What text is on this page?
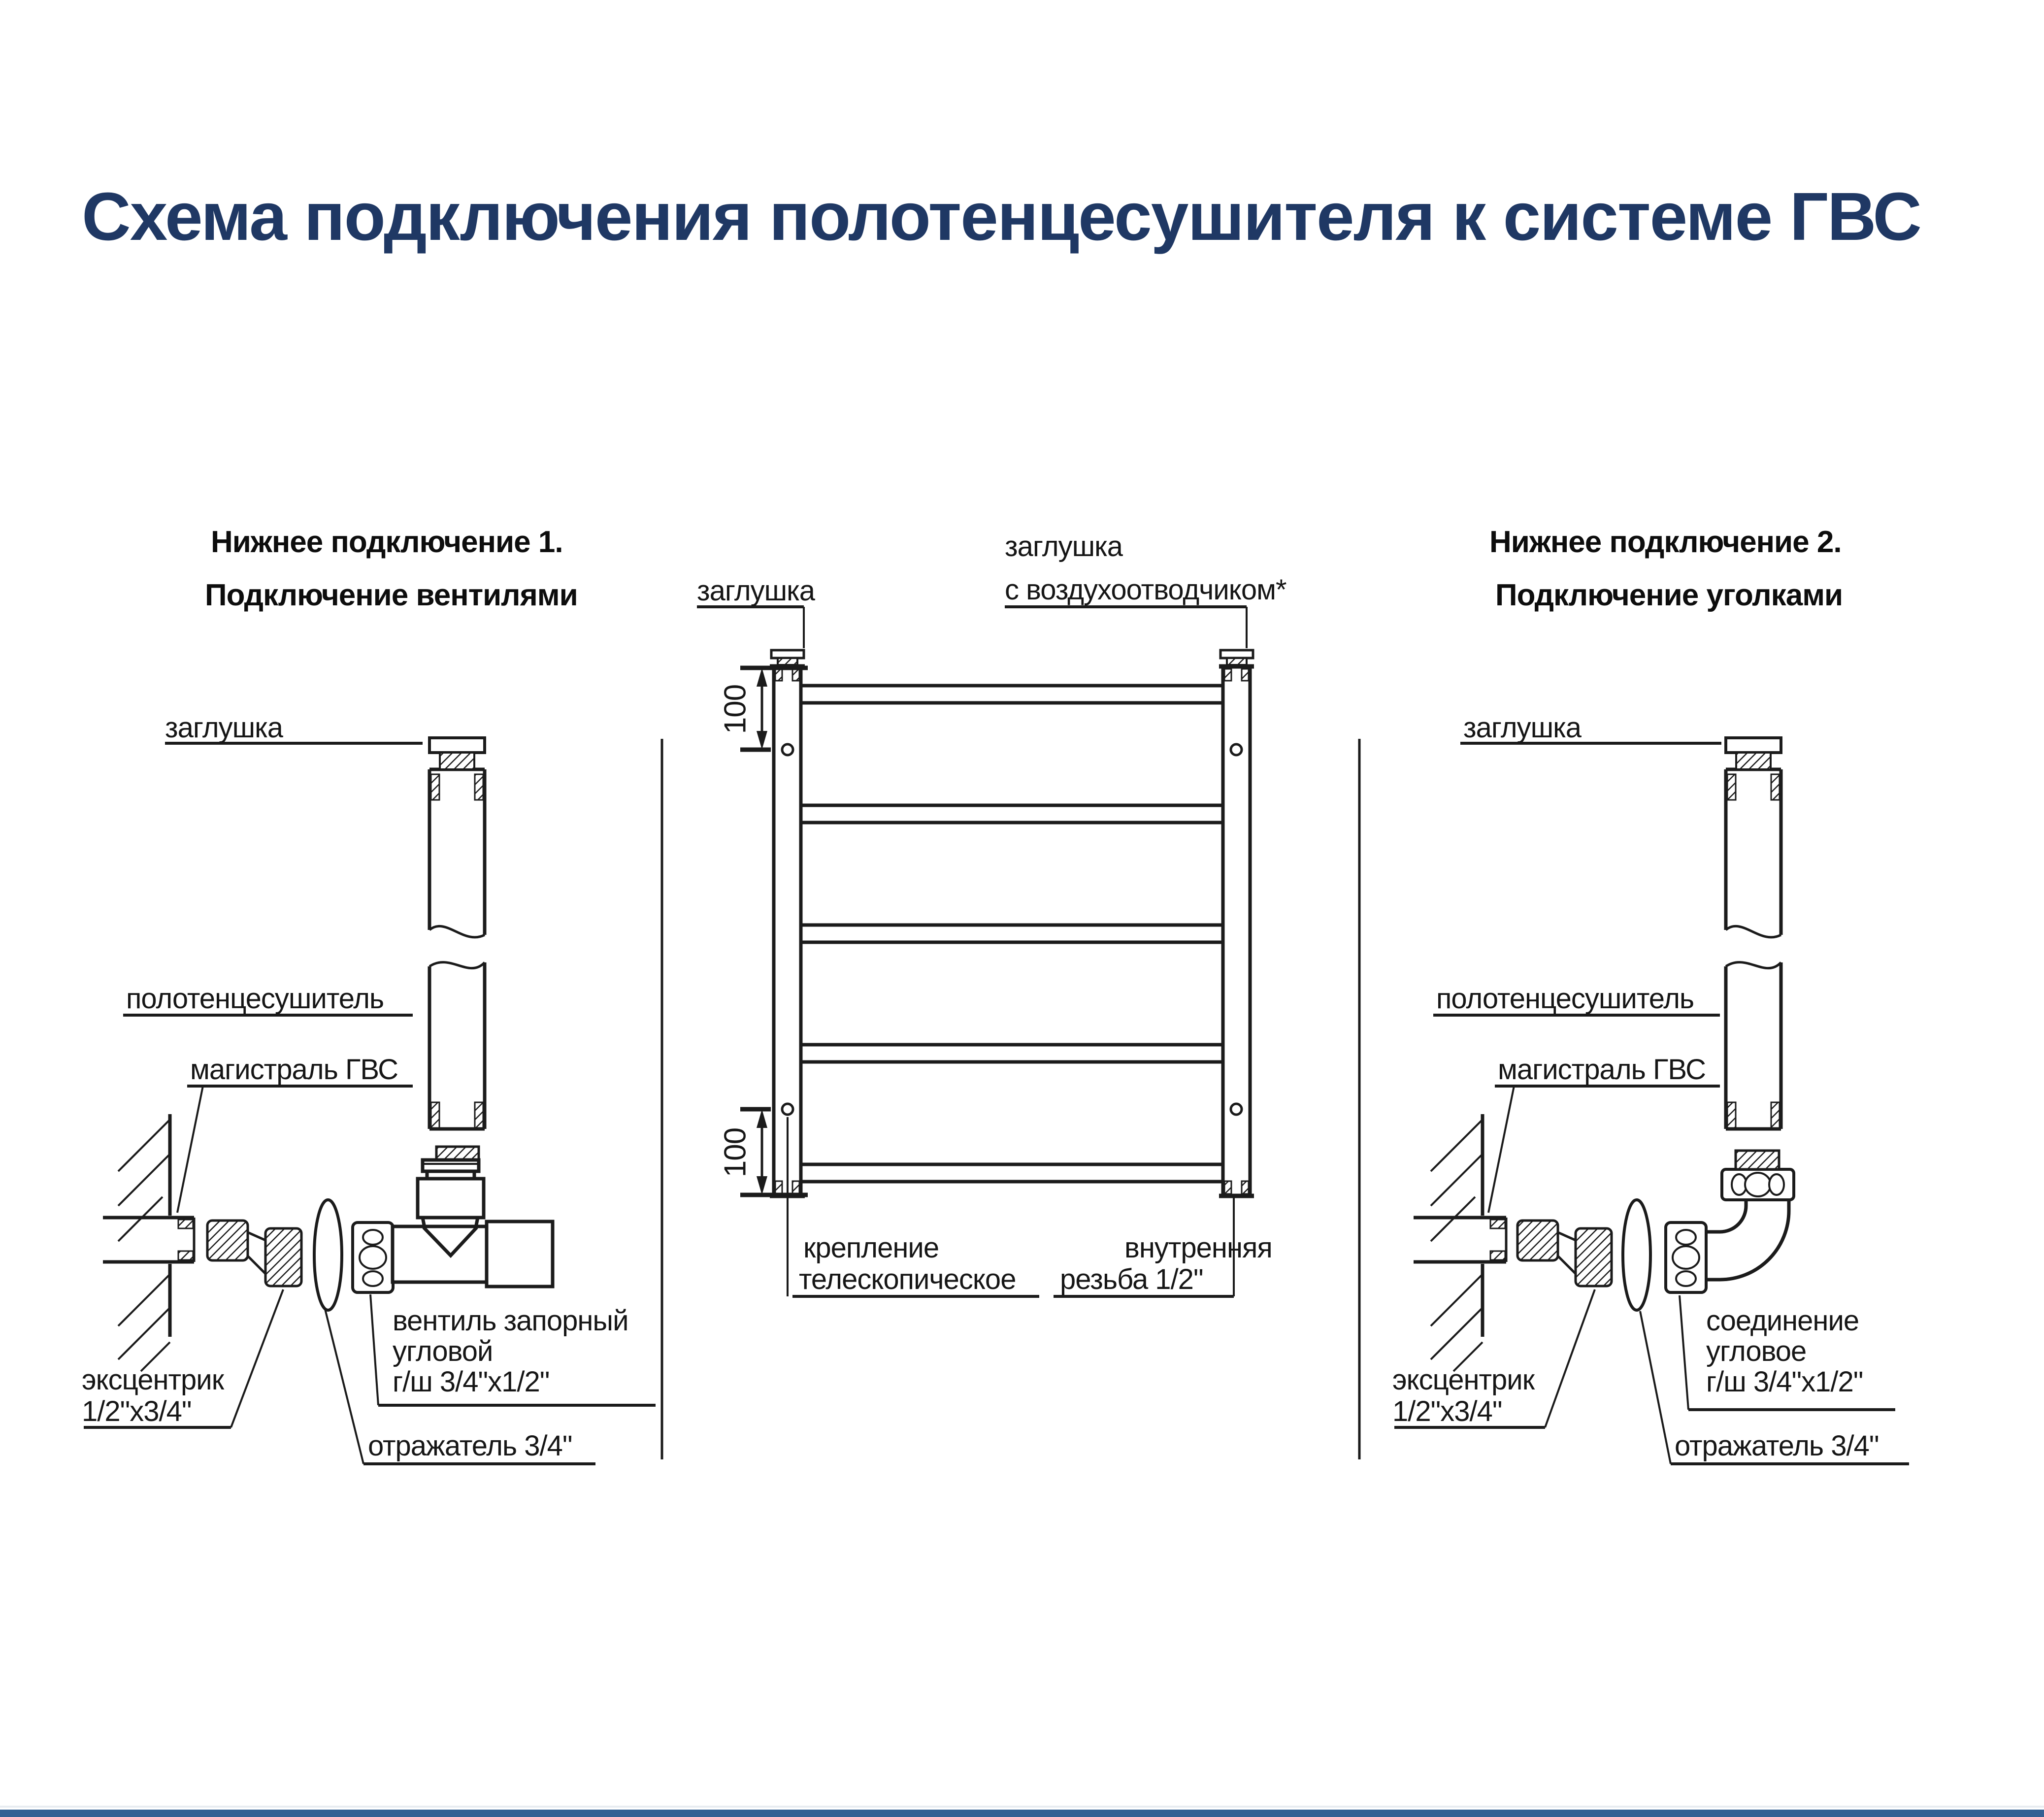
Схема подключения полотенцесушителя к системе ГВС
Нижнее подключение 1.
Подключение вентилями
Нижнее подключение 2.
Подключение уголками
заглушка
заглушка
с воздухоотводчиком*
крепление
телескопическое
внутренняя
резьба 1/2"
100
100
заглушка
полотенцесушитель
магистраль ГВС
эксцентрик
1/2"x3/4"
вентиль запорный
угловой
г/ш 3/4"x1/2"
отражатель 3/4"
заглушка
полотенцесушитель
магистраль ГВС
эксцентрик
1/2"x3/4"
соединение
угловое
г/ш 3/4"x1/2"
отражатель 3/4"
